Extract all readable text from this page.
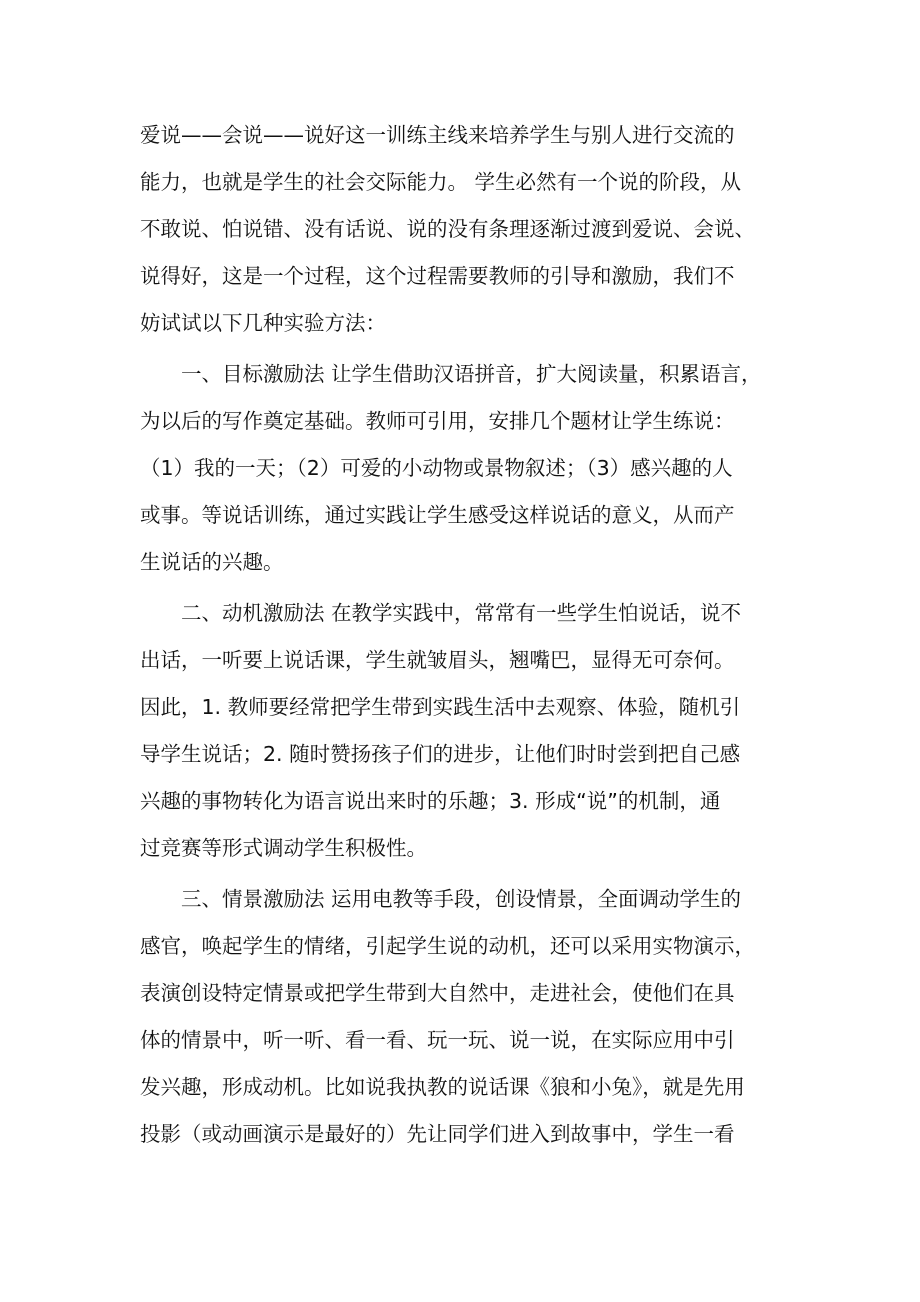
爱说——会说——说好这一训练主线来培养学生与别人进行交流的
能力，也就是学生的社会交际能力。 学生必然有一个说的阶段，从
不敢说、怕说错、没有话说、说的没有条理逐渐过渡到爱说、会说、
说得好，这是一个过程，这个过程需要教师的引导和激励，我们不
妨试试以下几种实验方法：
一、目标激励法 让学生借助汉语拼音，扩大阅读量，积累语言，
为以后的写作奠定基础。教师可引用，安排几个题材让学生练说：
（1）我的一天；（2）可爱的小动物或景物叙述；（3）感兴趣的人
或事。等说话训练，通过实践让学生感受这样说话的意义，从而产
生说话的兴趣。
二、动机激励法 在教学实践中，常常有一些学生怕说话，说不
出话，一听要上说话课，学生就皱眉头，翘嘴巴，显得无可奈何。
因此，1. 教师要经常把学生带到实践生活中去观察、体验，随机引
导学生说话；2. 随时赞扬孩子们的进步，让他们时时尝到把自己感
兴趣的事物转化为语言说出来时的乐趣；3. 形成“说”的机制，通
过竞赛等形式调动学生积极性。
三、情景激励法 运用电教等手段，创设情景，全面调动学生的
感官，唤起学生的情绪，引起学生说的动机，还可以采用实物演示，
表演创设特定情景或把学生带到大自然中，走进社会，使他们在具
体的情景中，听一听、看一看、玩一玩、说一说，在实际应用中引
发兴趣，形成动机。比如说我执教的说话课《狼和小兔》，就是先用
投影（或动画演示是最好的）先让同学们进入到故事中，学生一看
